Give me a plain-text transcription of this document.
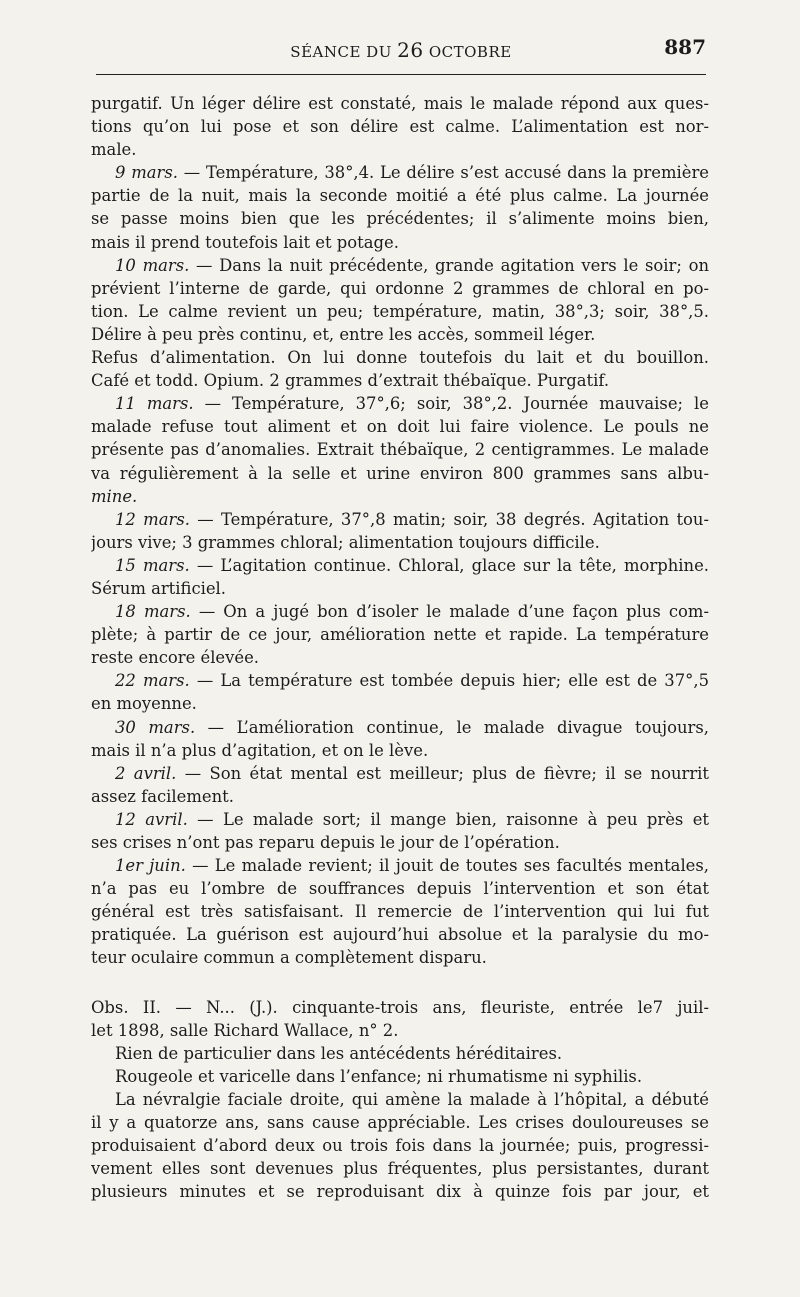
SÉANCE DU 26 OCTOBRE	887
purgatif. Un léger délire est constaté, mais le malade répond aux ques-
tions qu’on lui pose et son délire est calme. L’alimentation est nor-
male.
9 mars. — Température, 38°,4. Le délire s’est accusé dans la première
partie de la nuit, mais la seconde moitié a été plus calme. La journée
se passe moins bien que les précédentes; il s’alimente moins bien,
mais il prend toutefois lait et potage.
10 mars. — Dans la nuit précédente, grande agitation vers le soir; on
prévient l’interne de garde, qui ordonne 2 grammes de chloral en po-
tion. Le calme revient un peu; température, matin, 38°,3; soir, 38°,5.
Délire à peu près continu, et, entre les accès, sommeil léger.
Refus d’alimentation. On lui donne toutefois du lait et du bouillon.
Café et todd. Opium. 2 grammes d’extrait thébaïque. Purgatif.
11 mars. — Température, 37°,6; soir, 38°,2. Journée mauvaise; le
malade refuse tout aliment et on doit lui faire violence. Le pouls ne
présente pas d’anomalies. Extrait thébaïque, 2 centigrammes. Le malade
va régulièrement à la selle et urine environ 800 grammes sans albu-
mine.
12 mars. — Température, 37°,8 matin; soir, 38 degrés. Agitation tou-
jours vive; 3 grammes chloral; alimentation toujours difficile.
15 mars. — L’agitation continue. Chloral, glace sur la tête, morphine.
Sérum artificiel.
18 mars. — On a jugé bon d’isoler le malade d’une façon plus com-
plète; à partir de ce jour, amélioration nette et rapide. La température
reste encore élevée.
22 mars. — La température est tombée depuis hier; elle est de 37°,5
en moyenne.
30 mars. — L’amélioration continue, le malade divague toujours,
mais il n’a plus d’agitation, et on le lève.
2 avril. — Son état mental est meilleur; plus de fièvre; il se nourrit
assez facilement.
12 avril. — Le malade sort; il mange bien, raisonne à peu près et
ses crises n’ont pas reparu depuis le jour de l’opération.
1er juin. — Le malade revient; il jouit de toutes ses facultés mentales,
n’a pas eu l’ombre de souffrances depuis l’intervention et son état
général est très satisfaisant. Il remercie de l’intervention qui lui fut
pratiquée. La guérison est aujourd’hui absolue et la paralysie du mo-
teur oculaire commun a complètement disparu.
Obs. II. — N... (J.). cinquante-trois ans, fleuriste, entrée le7 juil-
let 1898, salle Richard Wallace, n° 2.
Rien de particulier dans les antécédents héréditaires.
Rougeole et varicelle dans l’enfance; ni rhumatisme ni syphilis.
La névralgie faciale droite, qui amène la malade à l’hôpital, a débuté
il y a quatorze ans, sans cause appréciable. Les crises douloureuses se
produisaient d’abord deux ou trois fois dans la journée; puis, progressi-
vement elles sont devenues plus fréquentes, plus persistantes, durant
plusieurs minutes et se reproduisant dix à quinze fois par jour, et
